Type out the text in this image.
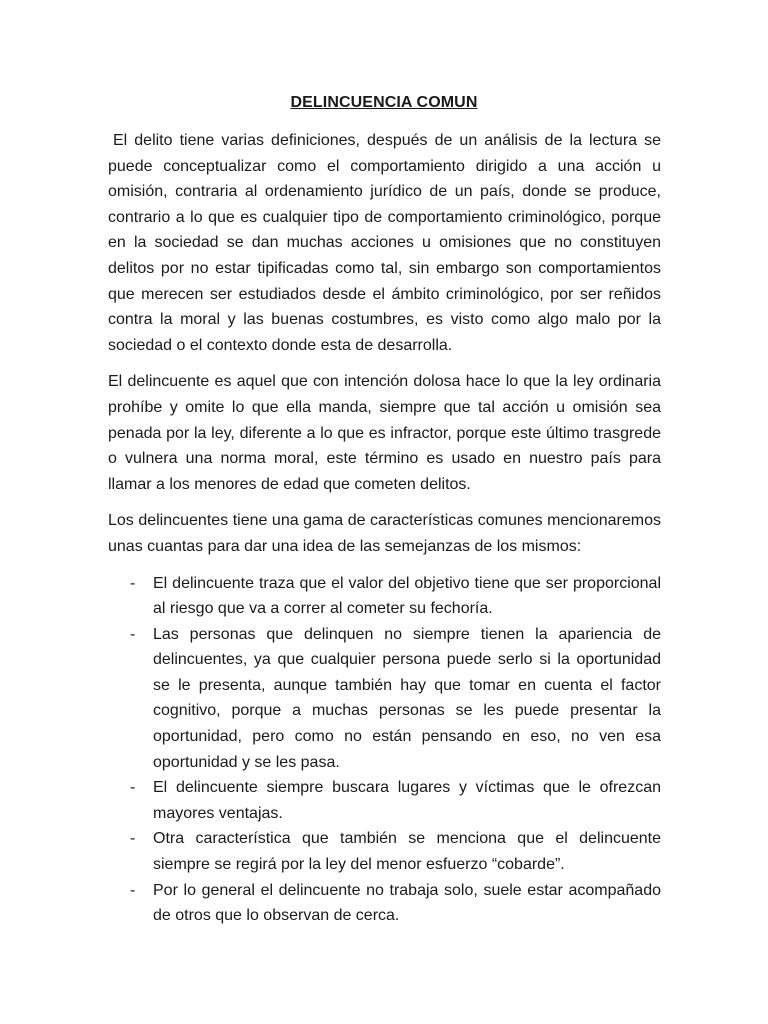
DELINCUENCIA COMUN

El delito tiene varias definiciones, después de un análisis de la lectura se puede conceptualizar como el comportamiento dirigido a una acción u omisión, contraria al ordenamiento jurídico de un país, donde se produce, contrario a lo que es cualquier tipo de comportamiento criminológico, porque en la sociedad se dan muchas acciones u omisiones que no constituyen delitos por no estar tipificadas como tal, sin embargo son comportamientos que merecen ser estudiados desde el ámbito criminológico, por ser reñidos contra la moral y las buenas costumbres, es visto como algo malo por la sociedad o el contexto donde esta de desarrolla.

El delincuente es aquel que con intención dolosa hace lo que la ley ordinaria prohíbe y omite lo que ella manda, siempre que tal acción u omisión sea penada por la ley, diferente a lo que es infractor, porque este último trasgrede o vulnera una norma moral, este término es usado en nuestro país para llamar a los menores de edad que cometen delitos.

Los delincuentes tiene una gama de características comunes mencionaremos unas cuantas para dar una idea de las semejanzas de los mismos:

- El delincuente traza que el valor del objetivo tiene que ser proporcional al riesgo que va a correr al cometer su fechoría.
- Las personas que delinquen no siempre tienen la apariencia de delincuentes, ya que cualquier persona puede serlo si la oportunidad se le presenta, aunque también hay que tomar en cuenta el factor cognitivo, porque a muchas personas se les puede presentar la oportunidad, pero como no están pensando en eso, no ven esa oportunidad y se les pasa.
- El delincuente siempre buscara lugares y víctimas que le ofrezcan mayores ventajas.
- Otra característica que también se menciona que el delincuente siempre se regirá por la ley del menor esfuerzo “cobarde”.
- Por lo general el delincuente no trabaja solo, suele estar acompañado de otros que lo observan de cerca.
